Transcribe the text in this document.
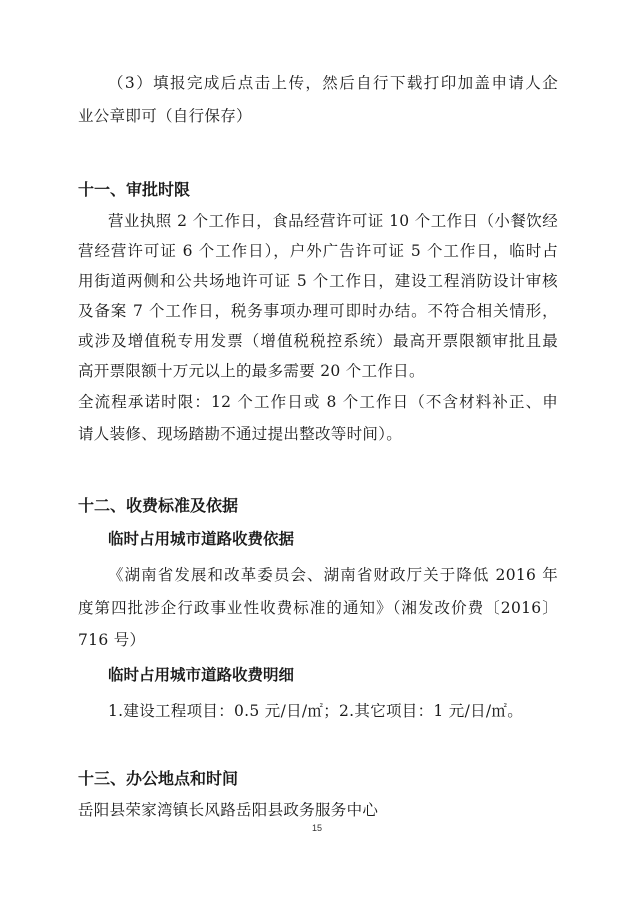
（3）填报完成后点击上传，然后自行下载打印加盖申请人企
业公章即可（自行保存）
十一、审批时限
营业执照 2 个工作日，食品经营许可证 10 个工作日（小餐饮经
营经营许可证 6 个工作日），户外广告许可证 5 个工作日，临时占
用街道两侧和公共场地许可证 5 个工作日，建设工程消防设计审核
及备案 7 个工作日，税务事项办理可即时办结。不符合相关情形，
或涉及增值税专用发票（增值税税控系统）最高开票限额审批且最
高开票限额十万元以上的最多需要 20 个工作日。
全流程承诺时限：12 个工作日或 8 个工作日（不含材料补正、申
请人装修、现场踏勘不通过提出整改等时间）。
十二、收费标准及依据
临时占用城市道路收费依据
《湖南省发展和改革委员会、湖南省财政厅关于降低 2016 年
度第四批涉企行政事业性收费标准的通知》（湘发改价费〔2016〕
716 号）
临时占用城市道路收费明细
1.建设工程项目：0.5 元/日/㎡；2.其它项目：1 元/日/㎡。
十三、办公地点和时间
岳阳县荣家湾镇长风路岳阳县政务服务中心
15
